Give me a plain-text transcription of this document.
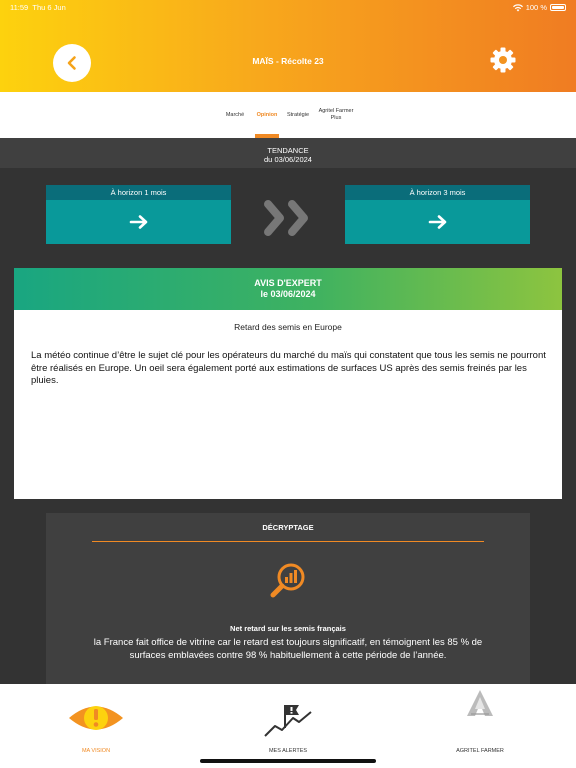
11:59 Thu 6 Jun	100 %
MAÏS - Récolte 23
Marché	Opinion	Stratégie
Agritel Farmer Plus
TENDANCE
du 03/06/2024
À horizon 1 mois	À horizon 3 mois
AVIS D'EXPERT
le 03/06/2024
Retard des semis en Europe
La météo continue d’être le sujet clé pour les opérateurs du marché du maïs qui constatent que tous les semis ne pourront être réalisés en Europe. Un oeil sera également porté aux estimations de surfaces US après des semis freinés par les pluies.
DÉCRYPTAGE
Net retard sur les semis français
la France fait office de vitrine car le retard est toujours significatif, en témoignent les 85 % de surfaces emblavées contre 98 % habituellement à cette période de l’année.
MA VISION	MES ALERTES	AGRITEL FARMER
